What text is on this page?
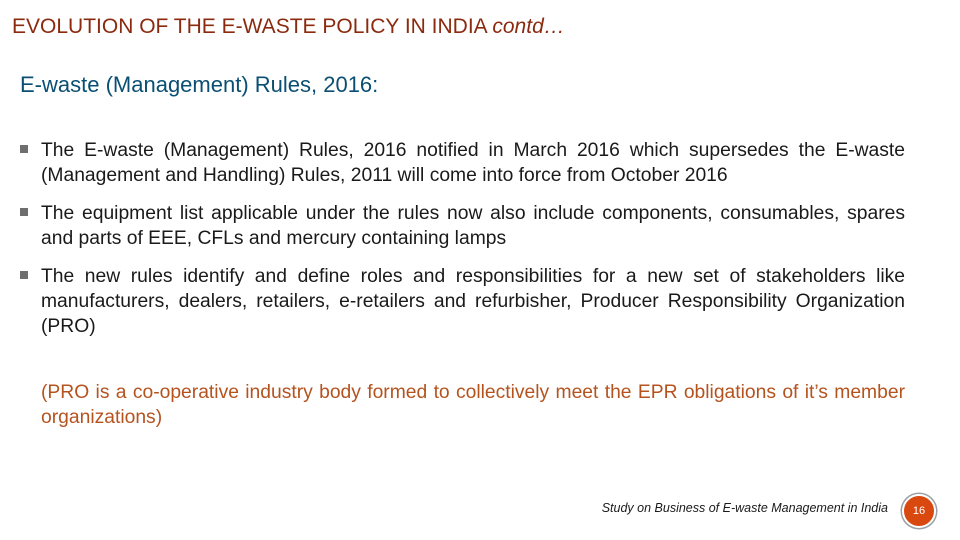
EVOLUTION OF THE E-WASTE POLICY IN INDIA contd…
E-waste (Management) Rules, 2016:
The E-waste (Management) Rules, 2016 notified in March 2016 which supersedes the E-waste (Management and Handling) Rules, 2011 will come into force from October 2016
The equipment list applicable under the rules now also include components, consumables, spares and parts of EEE, CFLs and mercury containing lamps
The new rules identify and define roles and responsibilities for a new set of stakeholders like manufacturers, dealers, retailers, e-retailers and refurbisher, Producer Responsibility Organization (PRO)
(PRO is a co-operative industry body formed to collectively meet the EPR obligations of it’s member organizations)
Study on Business of E-waste Management in India 16
